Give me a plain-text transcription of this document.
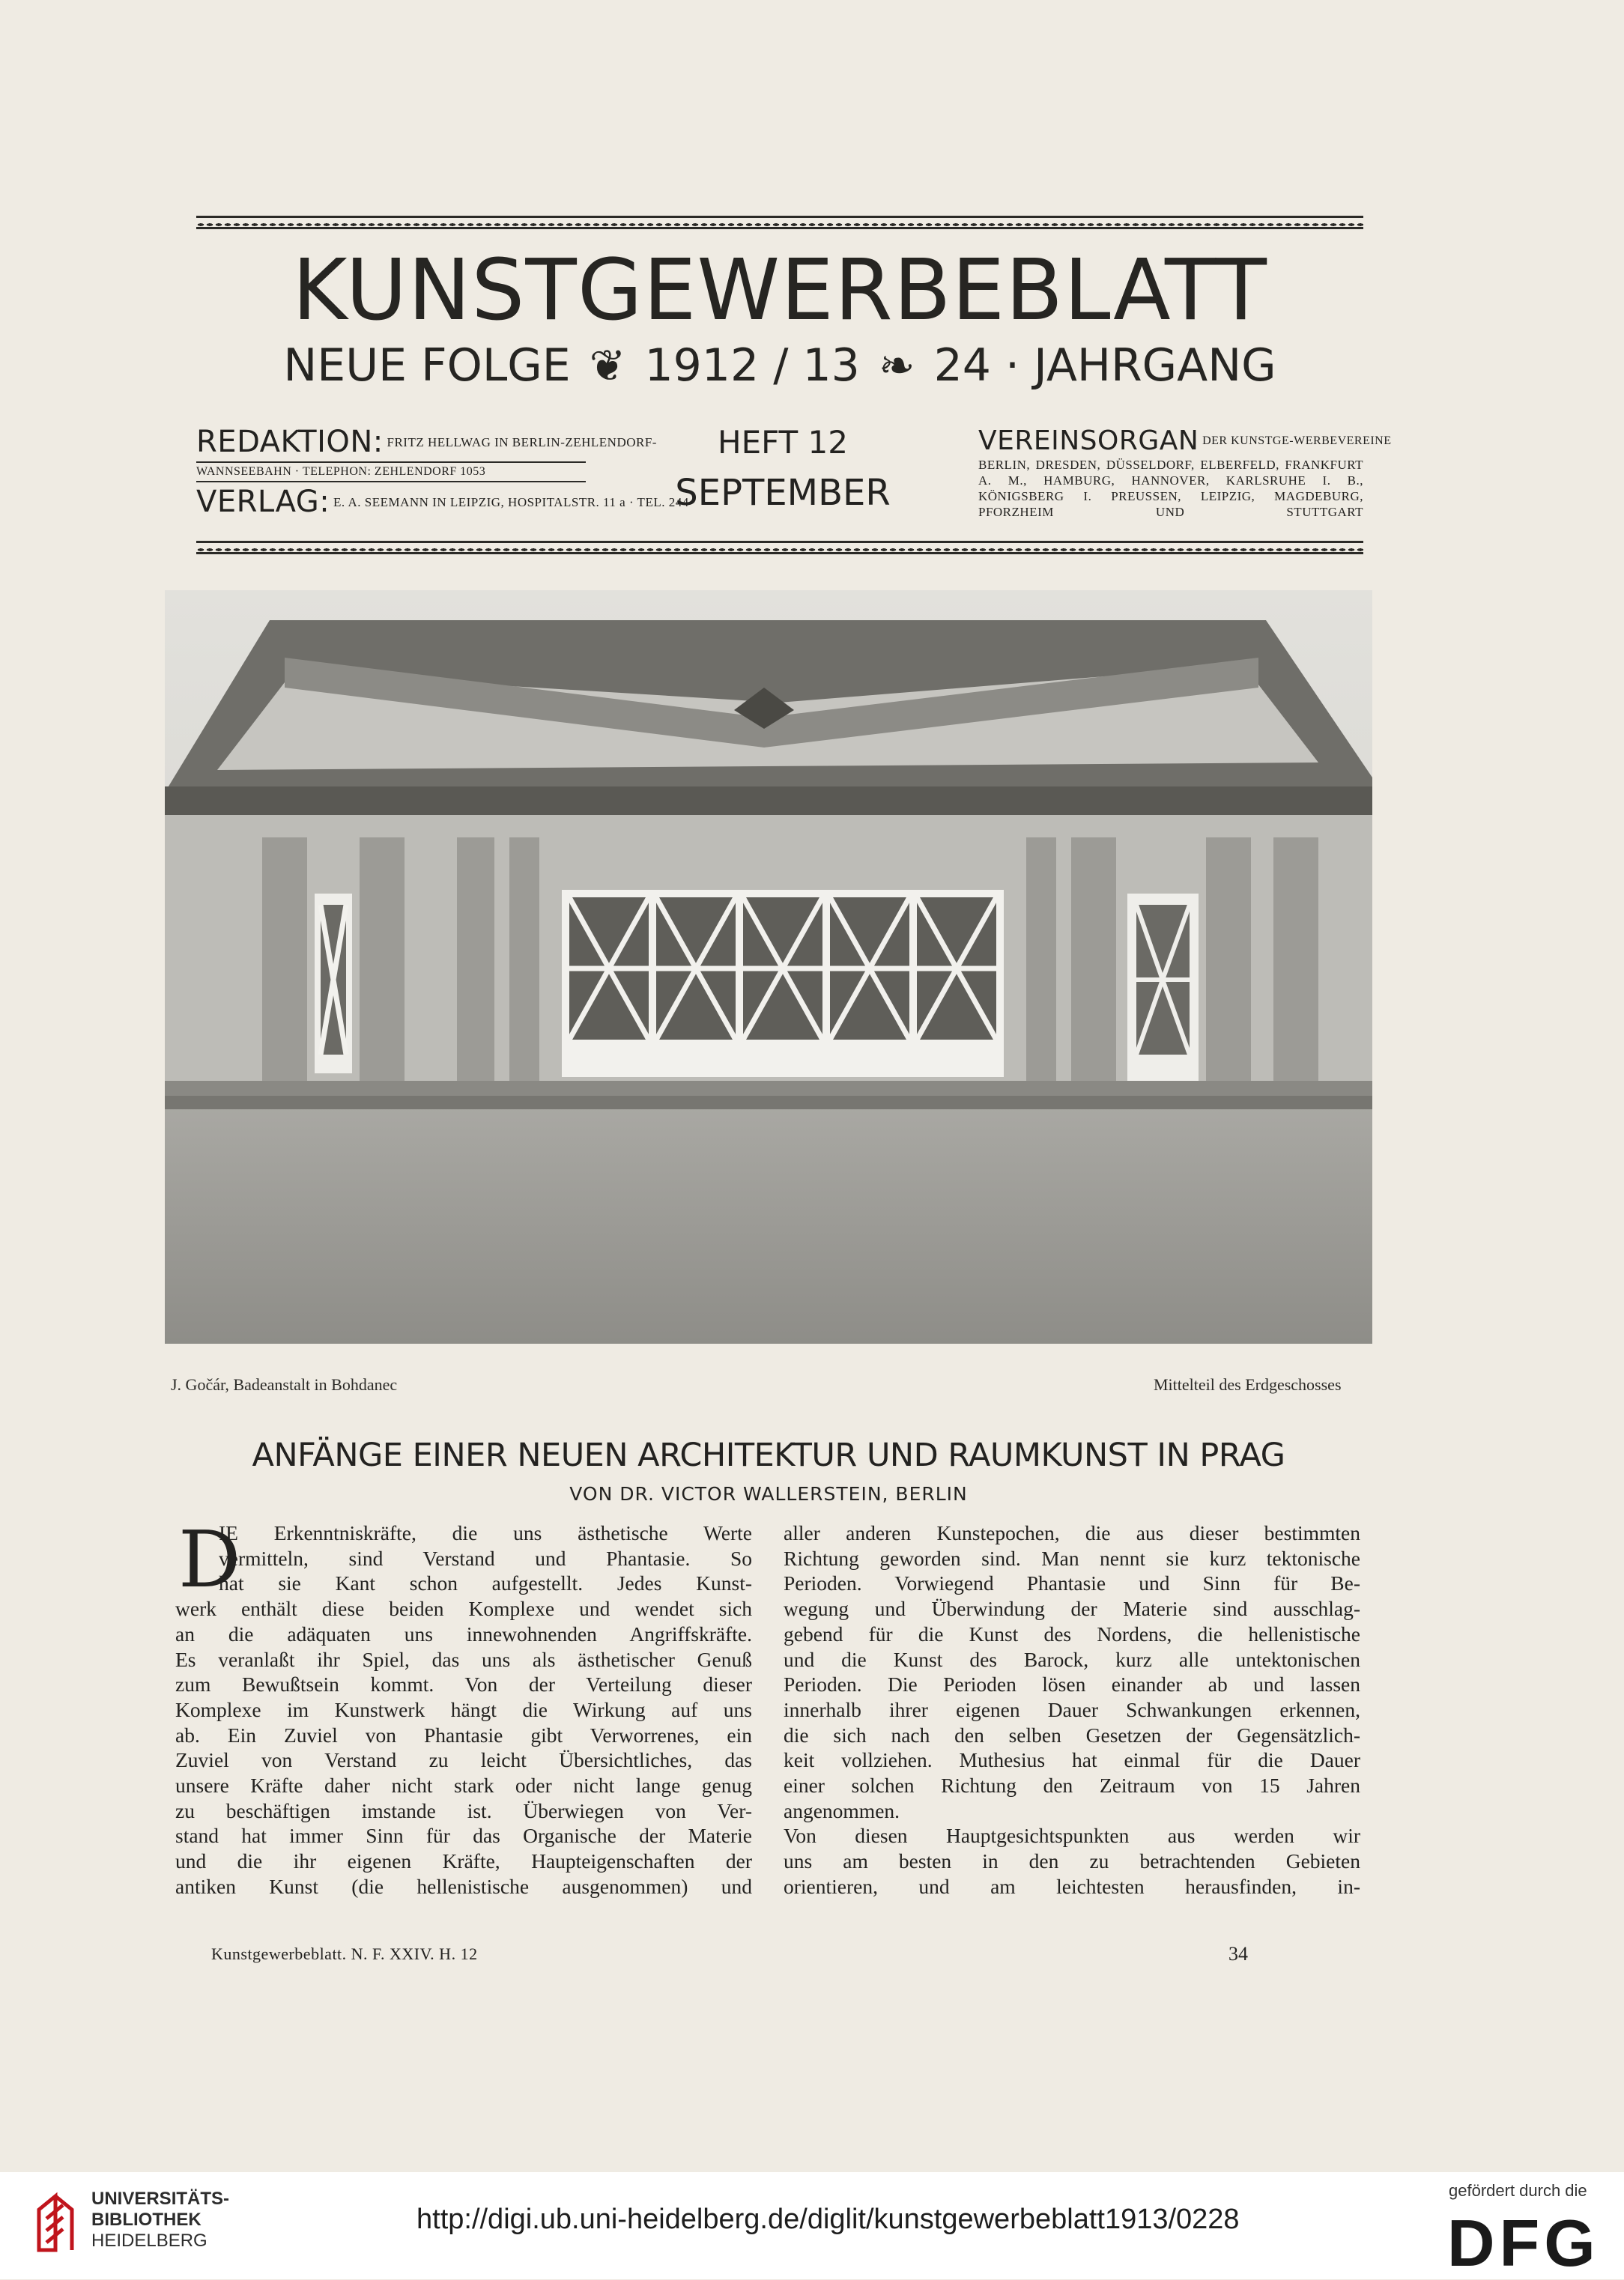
KUNSTGEWERBEBLATT
NEUE FOLGE ❦ 1912 / 13 ❧ 24 · JAHRGANG
REDAKTION: FRITZ HELLWAG IN BERLIN-ZEHLENDORF-
WANNSEEBAHN · TELEPHON: ZEHLENDORF 1053
VERLAG: E. A. SEEMANN IN LEIPZIG, HOSPITALSTR. 11 a · TEL. 244
HEFT 12
SEPTEMBER
VEREINSORGAN DER KUNSTGE-WERBEVEREINE
BERLIN, DRESDEN, DÜSSELDORF, ELBERFELD, FRANKFURT A. M., HAMBURG, HANNOVER, KARLSRUHE I. B., KÖNIGSBERG I. PREUSSEN, LEIPZIG, MAGDEBURG, PFORZHEIM UND STUTTGART
J. Gočár, Badeanstalt in Bohdanec	Mittelteil des Erdgeschosses
ANFÄNGE EINER NEUEN ARCHITEKTUR UND RAUMKUNST IN PRAG
VON DR. VICTOR WALLERSTEIN, BERLIN
D
IE Erkenntniskräfte, die uns ästhetische Werte
vermitteln, sind Verstand und Phantasie. So
hat sie Kant schon aufgestellt. Jedes Kunst-
werk enthält diese beiden Komplexe und wendet sich
an die adäquaten uns innewohnenden Angriffskräfte.
Es veranlaßt ihr Spiel, das uns als ästhetischer Genuß
zum Bewußtsein kommt. Von der Verteilung dieser
Komplexe im Kunstwerk hängt die Wirkung auf uns
ab. Ein Zuviel von Phantasie gibt Verworrenes, ein
Zuviel von Verstand zu leicht Übersichtliches, das
unsere Kräfte daher nicht stark oder nicht lange genug
zu beschäftigen imstande ist. Überwiegen von Ver-
stand hat immer Sinn für das Organische der Materie
und die ihr eigenen Kräfte, Haupteigenschaften der
antiken Kunst (die hellenistische ausgenommen) und
aller anderen Kunstepochen, die aus dieser bestimmten
Richtung geworden sind. Man nennt sie kurz tektonische
Perioden. Vorwiegend Phantasie und Sinn für Be-
wegung und Überwindung der Materie sind ausschlag-
gebend für die Kunst des Nordens, die hellenistische
und die Kunst des Barock, kurz alle untektonischen
Perioden. Die Perioden lösen einander ab und lassen
innerhalb ihrer eigenen Dauer Schwankungen erkennen,
die sich nach den selben Gesetzen der Gegensätzlich-
keit vollziehen. Muthesius hat einmal für die Dauer
einer solchen Richtung den Zeitraum von 15 Jahren
angenommen.
Von diesen Hauptgesichtspunkten aus werden wir
uns am besten in den zu betrachtenden Gebieten
orientieren, und am leichtesten herausfinden, in-
Kunstgewerbeblatt. N. F. XXIV. H. 12	34
UNIVERSITÄTS-
BIBLIOTHEK
HEIDELBERG
http://digi.ub.uni-heidelberg.de/diglit/kunstgewerbeblatt1913/0228
gefördert durch die
DFG
